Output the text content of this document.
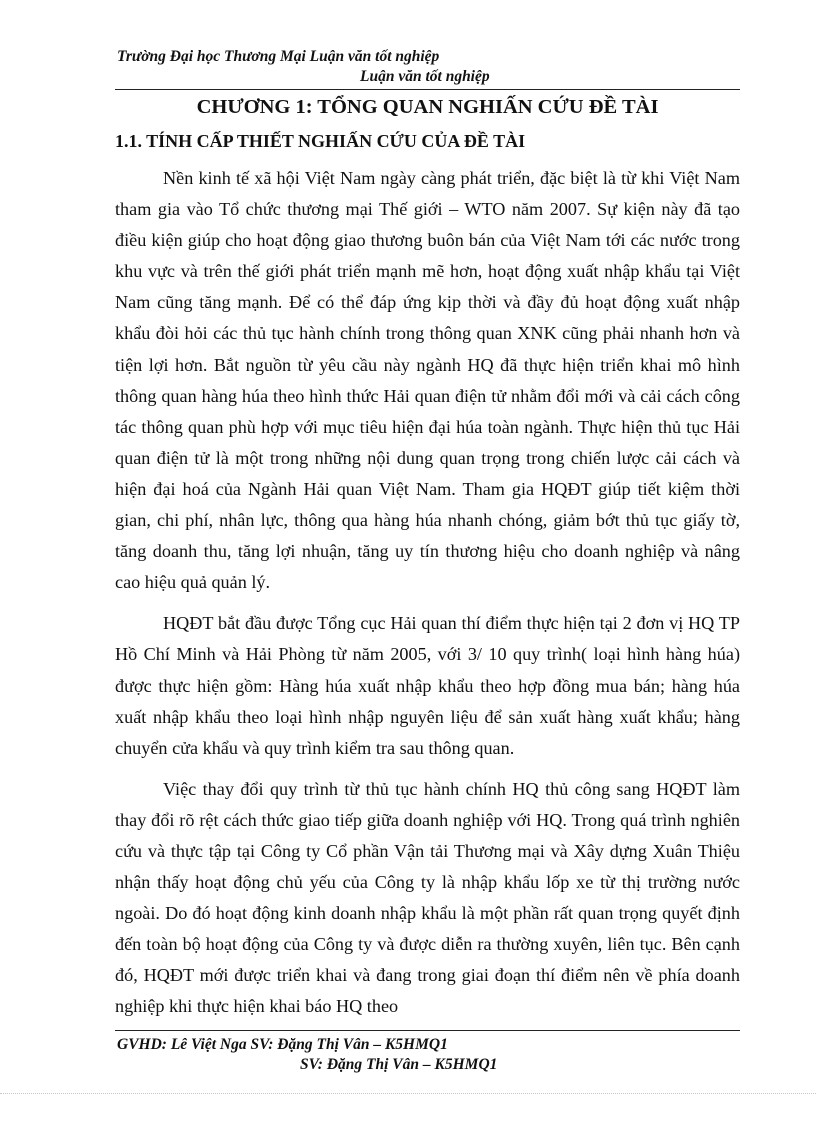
Trường Đại học Thương Mại Luận văn tốt nghiệp
Luận văn tốt nghiệp
CHƯƠNG 1: TỔNG QUAN NGHIẤN CỨU ĐỀ TÀI
1.1. TÍNH CẤP THIẾT NGHIẤN CỨU CỦA ĐỀ TÀI

Nền kinh tế xã hội Việt Nam ngày càng phát triển, đặc biệt là từ khi Việt Nam tham gia vào Tổ chức thương mại Thế giới – WTO năm 2007. Sự kiện này đã tạo điều kiện giúp cho hoạt động giao thương buôn bán của Việt Nam tới các nước trong khu vực và trên thế giới phát triển mạnh mẽ hơn, hoạt động xuất nhập khẩu tại Việt Nam cũng tăng mạnh. Để có thể đáp ứng kịp thời và đầy đủ hoạt động xuất nhập khẩu đòi hỏi các thủ tục hành chính trong thông quan XNK cũng phải nhanh hơn và tiện lợi hơn. Bắt nguồn từ yêu cầu này ngành HQ đã thực hiện triển khai mô hình thông quan hàng húa theo hình thức Hải quan điện tử nhằm đổi mới và cải cách công tác thông quan phù hợp với mục tiêu hiện đại húa toàn ngành. Thực hiện thủ tục Hải quan điện tử là một trong những nội dung quan trọng trong chiến lược cải cách và hiện đại hoá của Ngành Hải quan Việt Nam. Tham gia HQĐT giúp tiết kiệm thời gian, chi phí, nhân lực, thông qua hàng húa nhanh chóng, giảm bớt thủ tục giấy tờ, tăng doanh thu, tăng lợi nhuận, tăng uy tín thương hiệu cho doanh nghiệp và nâng cao hiệu quả quản lý.

HQĐT bắt đầu được Tổng cục Hải quan thí điểm thực hiện tại 2 đơn vị HQ TP Hồ Chí Minh và Hải Phòng từ năm 2005, với 3/ 10 quy trình( loại hình hàng húa) được thực hiện gồm: Hàng húa xuất nhập khẩu theo hợp đồng mua bán; hàng húa xuất nhập khẩu theo loại hình nhập nguyên liệu để sản xuất hàng xuất khẩu; hàng chuyển cửa khẩu và quy trình kiểm tra sau thông quan.

Việc thay đổi quy trình từ thủ tục hành chính HQ thủ công sang HQĐT làm thay đổi rõ rệt cách thức giao tiếp giữa doanh nghiệp với HQ. Trong quá trình nghiên cứu và thực tập tại Công ty Cổ phần Vận tải Thương mại và Xây dựng Xuân Thiệu nhận thấy hoạt động chủ yếu của Công ty là nhập khẩu lốp xe từ thị trường nước ngoài. Do đó hoạt động kinh doanh nhập khẩu là một phần rất quan trọng quyết định đến toàn bộ hoạt động của Công ty và được diễn ra thường xuyên, liên tục. Bên cạnh đó, HQĐT mới được triển khai và đang trong giai đoạn thí điểm nên về phía doanh nghiệp khi thực hiện khai báo HQ theo

GVHD: Lê Việt Nga SV: Đặng Thị Vân – K5HMQ1
SV: Đặng Thị Vân – K5HMQ1
